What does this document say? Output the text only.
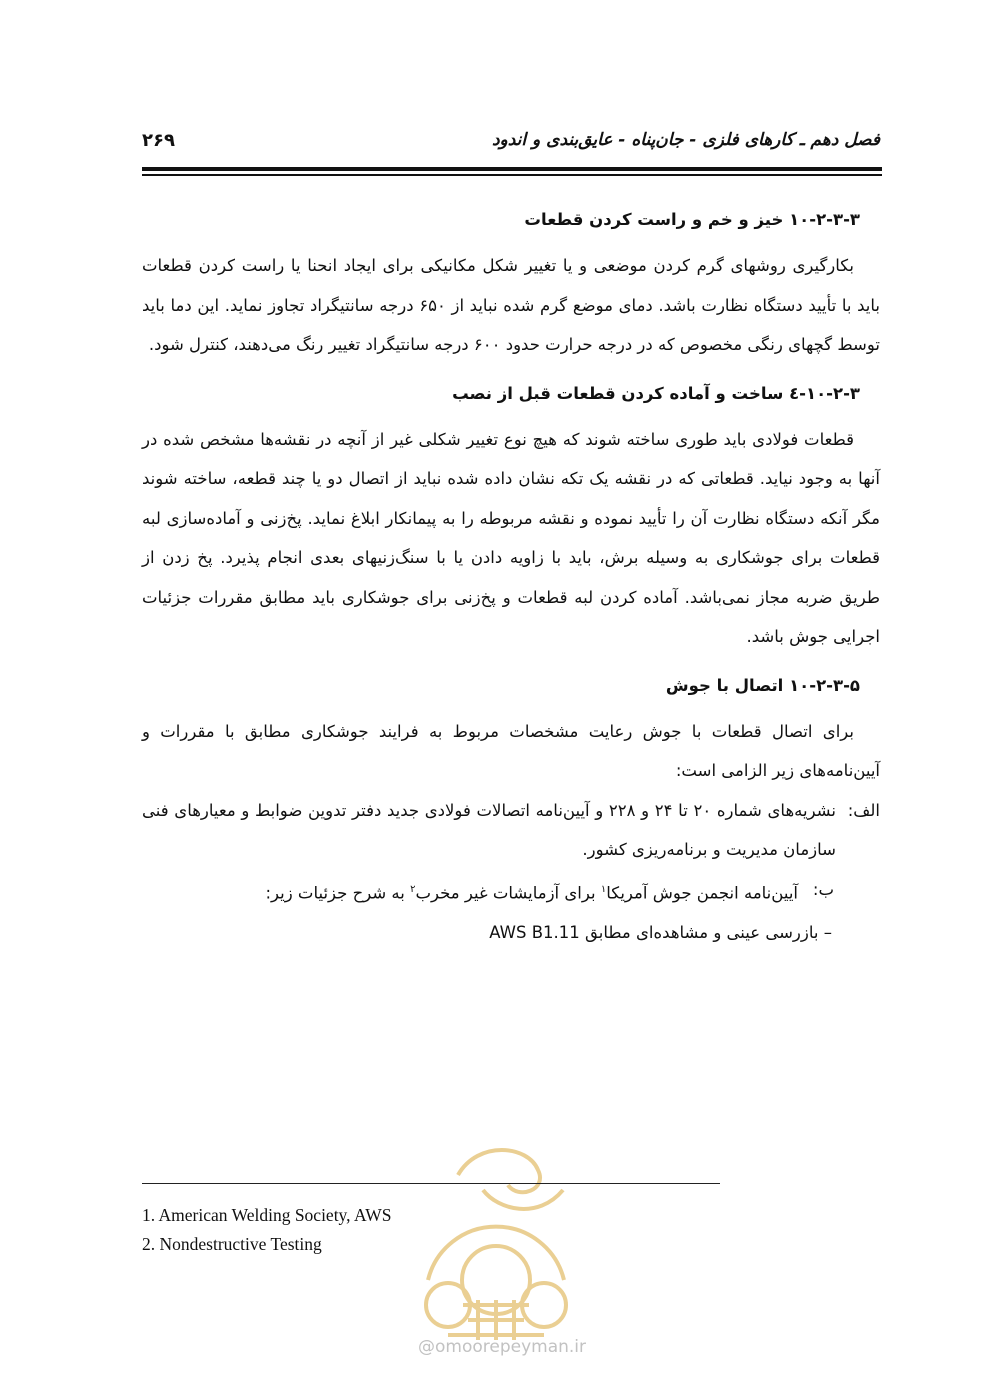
فصل دهم ـ کارهای فلزی - جان‌پناه - عایق‌بندی و اندود
۲۶۹
۱۰-۲-۳-۳ خیز و خم و راست کردن قطعات
بکارگیری روشهای گرم کردن موضعی و یا تغییر شکل مکانیکی برای ایجاد انحنا یا راست کردن قطعات باید با تأیید دستگاه نظارت باشد. دمای موضع گرم شده نباید از ۶۵۰ درجه سانتیگراد تجاوز نماید. این دما باید توسط گچهای رنگی مخصوص که در درجه حرارت حدود ۶۰۰ درجه سانتیگراد تغییر رنگ می‌دهند، کنترل شود.
۱۰-۲-۳-٤ ساخت و آماده کردن قطعات قبل از نصب
قطعات فولادی باید طوری ساخته شوند که هیچ نوع تغییر شکلی غیر از آنچه در نقشه‌ها مشخص شده در آنها به وجود نیاید. قطعاتی که در نقشه یک تکه نشان داده شده نباید از اتصال دو یا چند قطعه، ساخته شوند مگر آنکه دستگاه نظارت آن را تأیید نموده و نقشه مربوطه را به پیمانکار ابلاغ نماید. پخ‌زنی و آماده‌سازی لبه قطعات برای جوشکاری به وسیله برش، باید با زاویه دادن یا با سنگ‌زنیهای بعدی انجام پذیرد. پخ زدن از طریق ضربه مجاز نمی‌باشد. آماده کردن لبه قطعات و پخ‌زنی برای جوشکاری باید مطابق مقررات جزئیات اجرایی جوش باشد.
۱۰-۲-۳-۵ اتصال با جوش
برای اتصال قطعات با جوش رعایت مشخصات مربوط به فرایند جوشکاری مطابق با مقررات و آیین‌نامه‌های زیر الزامی است:
الف:
نشریه‌های شماره ۲۰ تا ۲۴ و ۲۲۸ و آیین‌نامه اتصالات فولادی جدید دفتر تدوین ضوابط و معیارهای فنی سازمان مدیریت و برنامه‌ریزی کشور.
ب:
آیین‌نامه انجمن جوش آمریکا$^۱$ برای آزمایشات غیر مخرب$^۲$ به شرح جزئیات زیر:
– بازرسی عینی و مشاهده‌ای مطابق AWS B1.11
@omoorepeyman.ir
1. American Welding Society, AWS
2. Nondestructive Testing
